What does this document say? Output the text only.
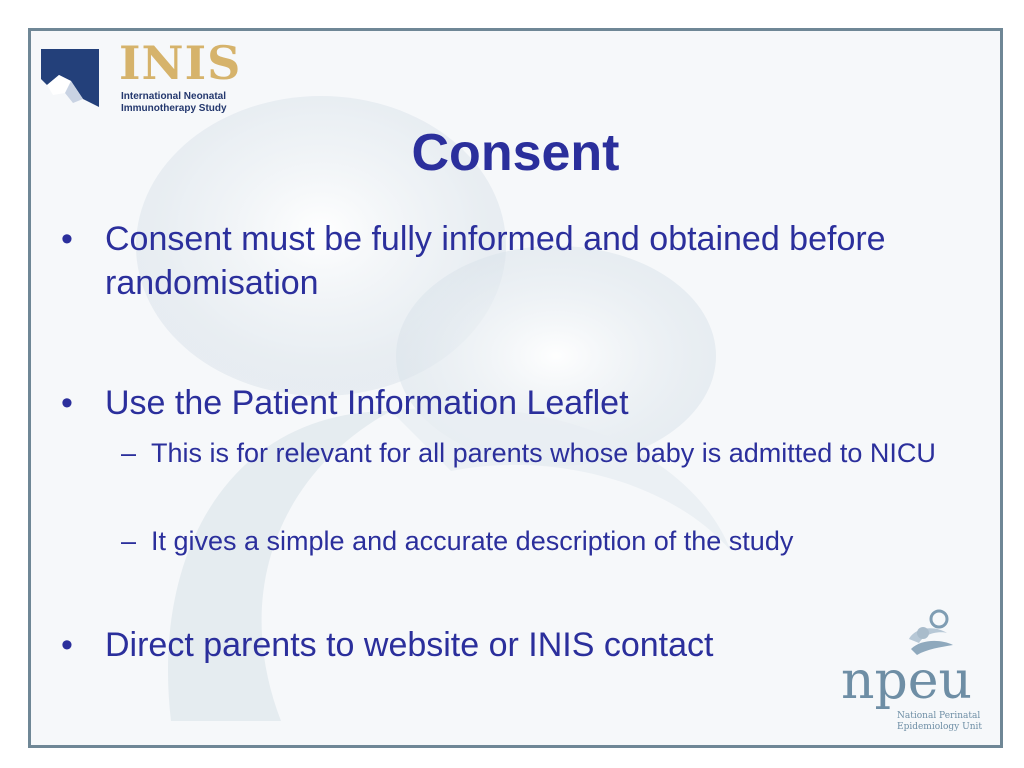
INIS
International Neonatal
Immunotherapy Study
Consent
• Consent must be fully informed and obtained before randomisation
• Use the Patient Information Leaflet
– This is for relevant for all parents whose baby is admitted to NICU
– It gives a simple and accurate description of the study
• Direct parents to website or INIS contact
npeu
National Perinatal
Epidemiology Unit
